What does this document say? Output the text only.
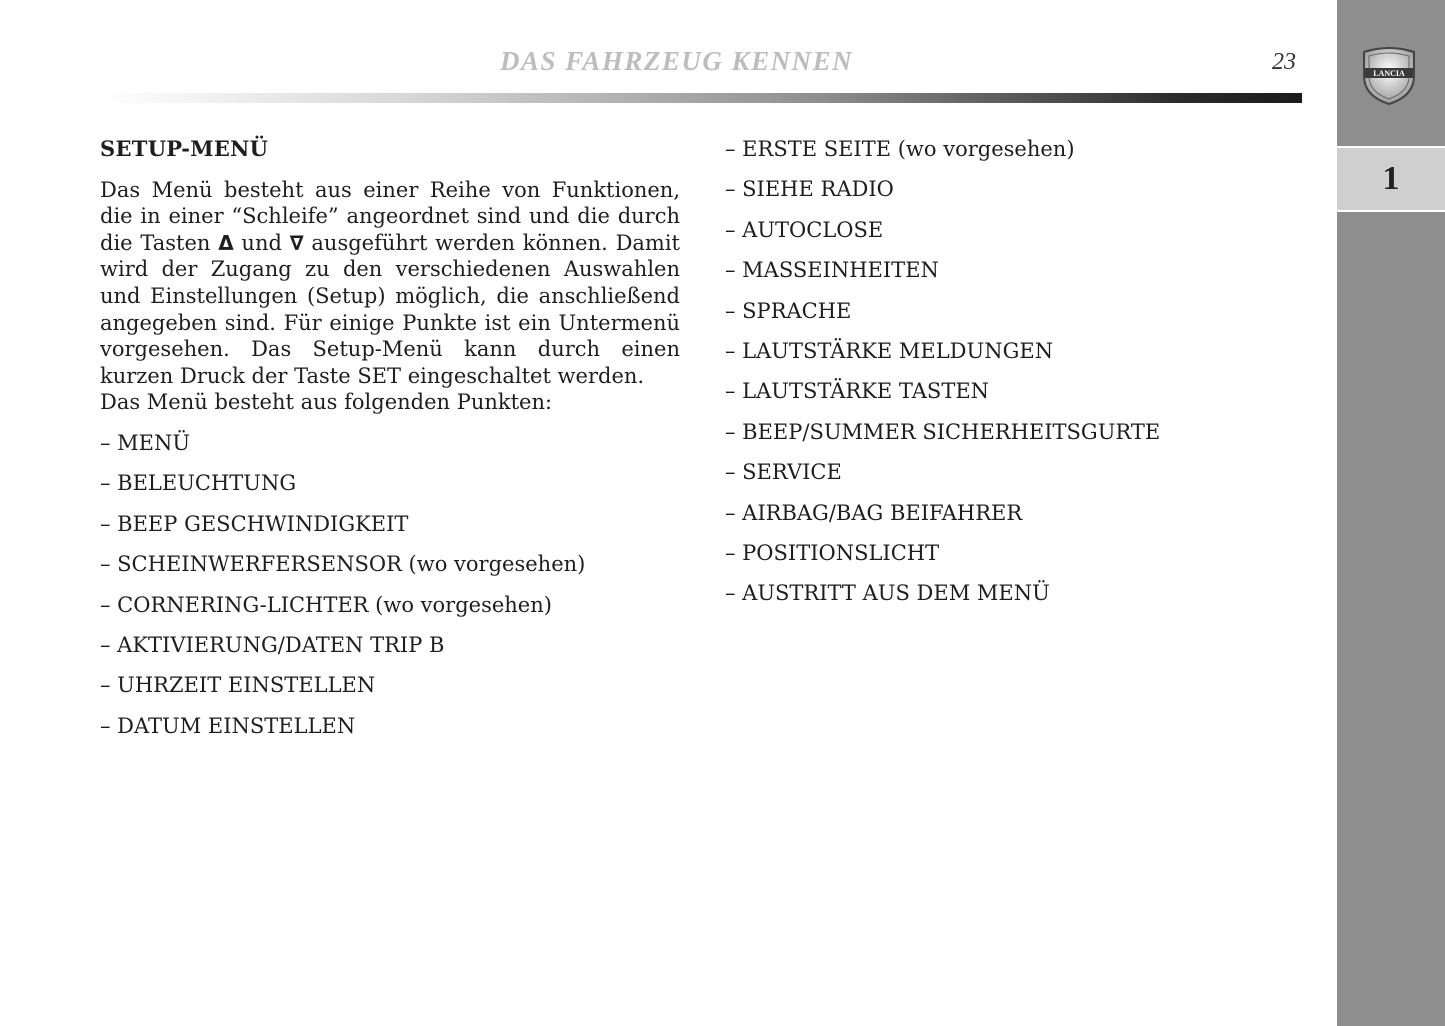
LANCIA
1
DAS FAHRZEUG KENNEN	23
SETUP-MENÜ

Das Menü besteht aus einer Reihe von Funktionen, die in einer “Schleife” angeordnet sind und die durch die Tasten Δ und ∇ ausgeführt werden können. Damit wird der Zugang zu den verschiedenen Auswahlen und Einstellungen (Setup) möglich, die anschließend angegeben sind. Für einige Punkte ist ein Untermenü vorgesehen. Das Setup-Menü kann durch einen kurzen Druck der Taste SET eingeschaltet werden.

Das Menü besteht aus folgenden Punkten:

– MENÜ
– BELEUCHTUNG
– BEEP GESCHWINDIGKEIT
– SCHEINWERFERSENSOR (wo vorgesehen)
– CORNERING-LICHTER (wo vorgesehen)
– AKTIVIERUNG/DATEN TRIP B
– UHRZEIT EINSTELLEN
– DATUM EINSTELLEN
– ERSTE SEITE (wo vorgesehen)
– SIEHE RADIO
– AUTOCLOSE
– MASSEINHEITEN
– SPRACHE
– LAUTSTÄRKE MELDUNGEN
– LAUTSTÄRKE TASTEN
– BEEP/SUMMER SICHERHEITSGURTE
– SERVICE
– AIRBAG/BAG BEIFAHRER
– POSITIONSLICHT
– AUSTRITT AUS DEM MENÜ
